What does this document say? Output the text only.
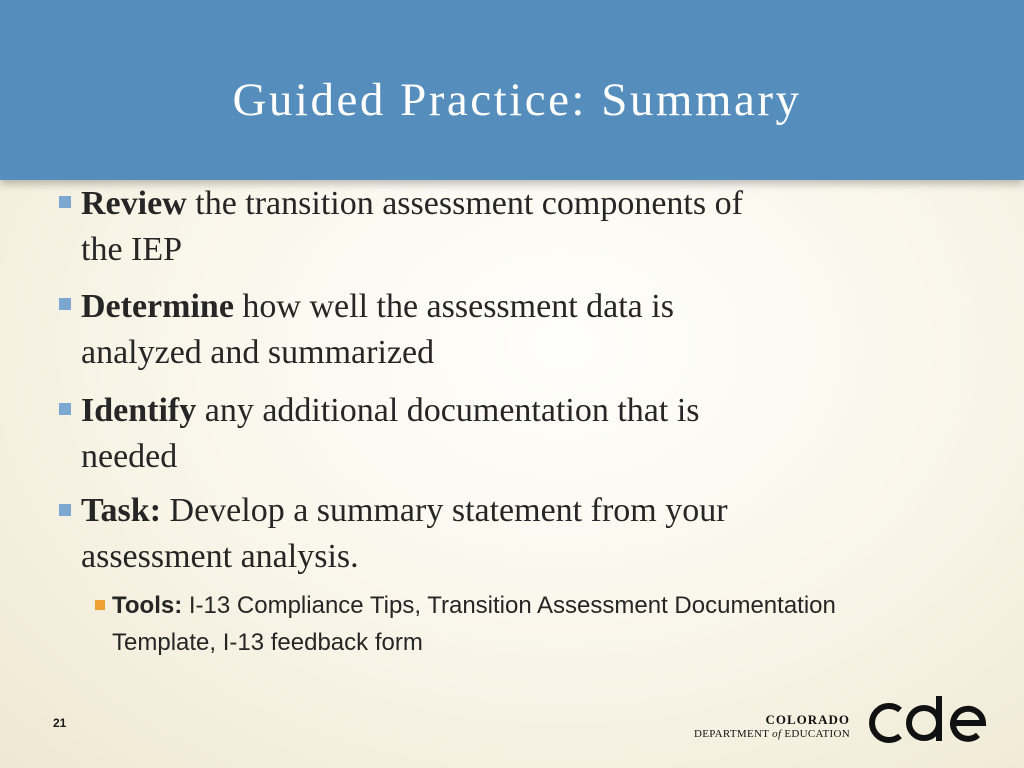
Guided Practice: Summary
Review the transition assessment components of
the IEP
Determine how well the assessment data is
analyzed and summarized
Identify any additional documentation that is
needed
Task: Develop a summary statement from your
assessment analysis.
Tools: I-13 Compliance Tips, Transition Assessment Documentation
Template, I-13 feedback form
21	COLORADO
DEPARTMENT of EDUCATION
